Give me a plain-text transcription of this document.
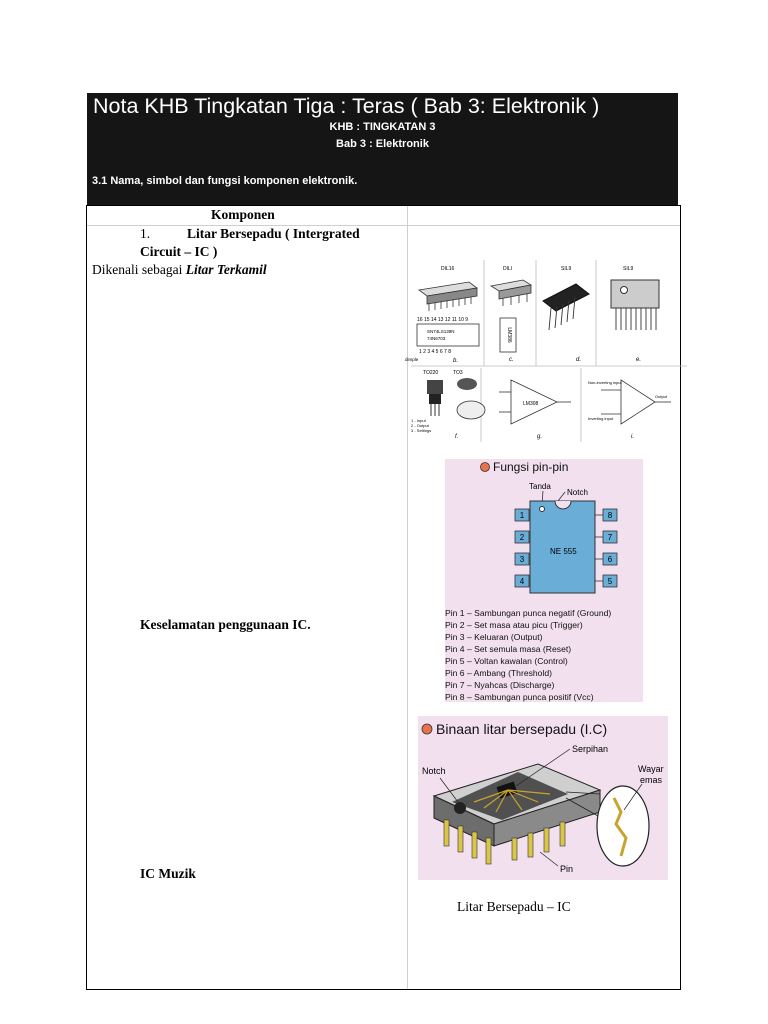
Nota KHB Tingkatan Tiga : Teras ( Bab 3: Elektronik )
KHB : TINGKATAN 3
Bab 3 : Elektronik
3.1 Nama, simbol dan fungsi komponen elektronik.
Komponen
1.	Litar Bersepadu ( Intergrated
Circuit – IC )
Dikenali sebagai Litar Terkamil
Keselamatan penggunaan IC.
IC Muzik
Litar Bersepadu – IC
DIL16	DILI	SIL9	SIL9
16 15 14 13 12 11 10 9
SN74LS139N
74N6703
1 2 3 4 5 6 7 8
dimple	b.
LM386
c.	d.	e.
TO220	TO3
1 - Input
2 - Output
3 - Settings
f.
LM308
g.
Non-inverting input
Inverting input
Output
i.
Fungsi pin-pin
Tanda
Notch
NE 555
1
2
3
4
8
7
6
5
Pin 1 – Sambungan punca negatif (Ground)
Pin 2 – Set masa atau picu (Trigger)
Pin 3 – Keluaran (Output)
Pin 4 – Set semula masa (Reset)
Pin 5 – Voltan kawalan (Control)
Pin 6 – Ambang (Threshold)
Pin 7 – Nyahcas (Discharge)
Pin 8 – Sambungan punca positif (Vcc)
Binaan litar bersepadu (I.C)
Serpihan
Notch	Wayar
emas
Pin
